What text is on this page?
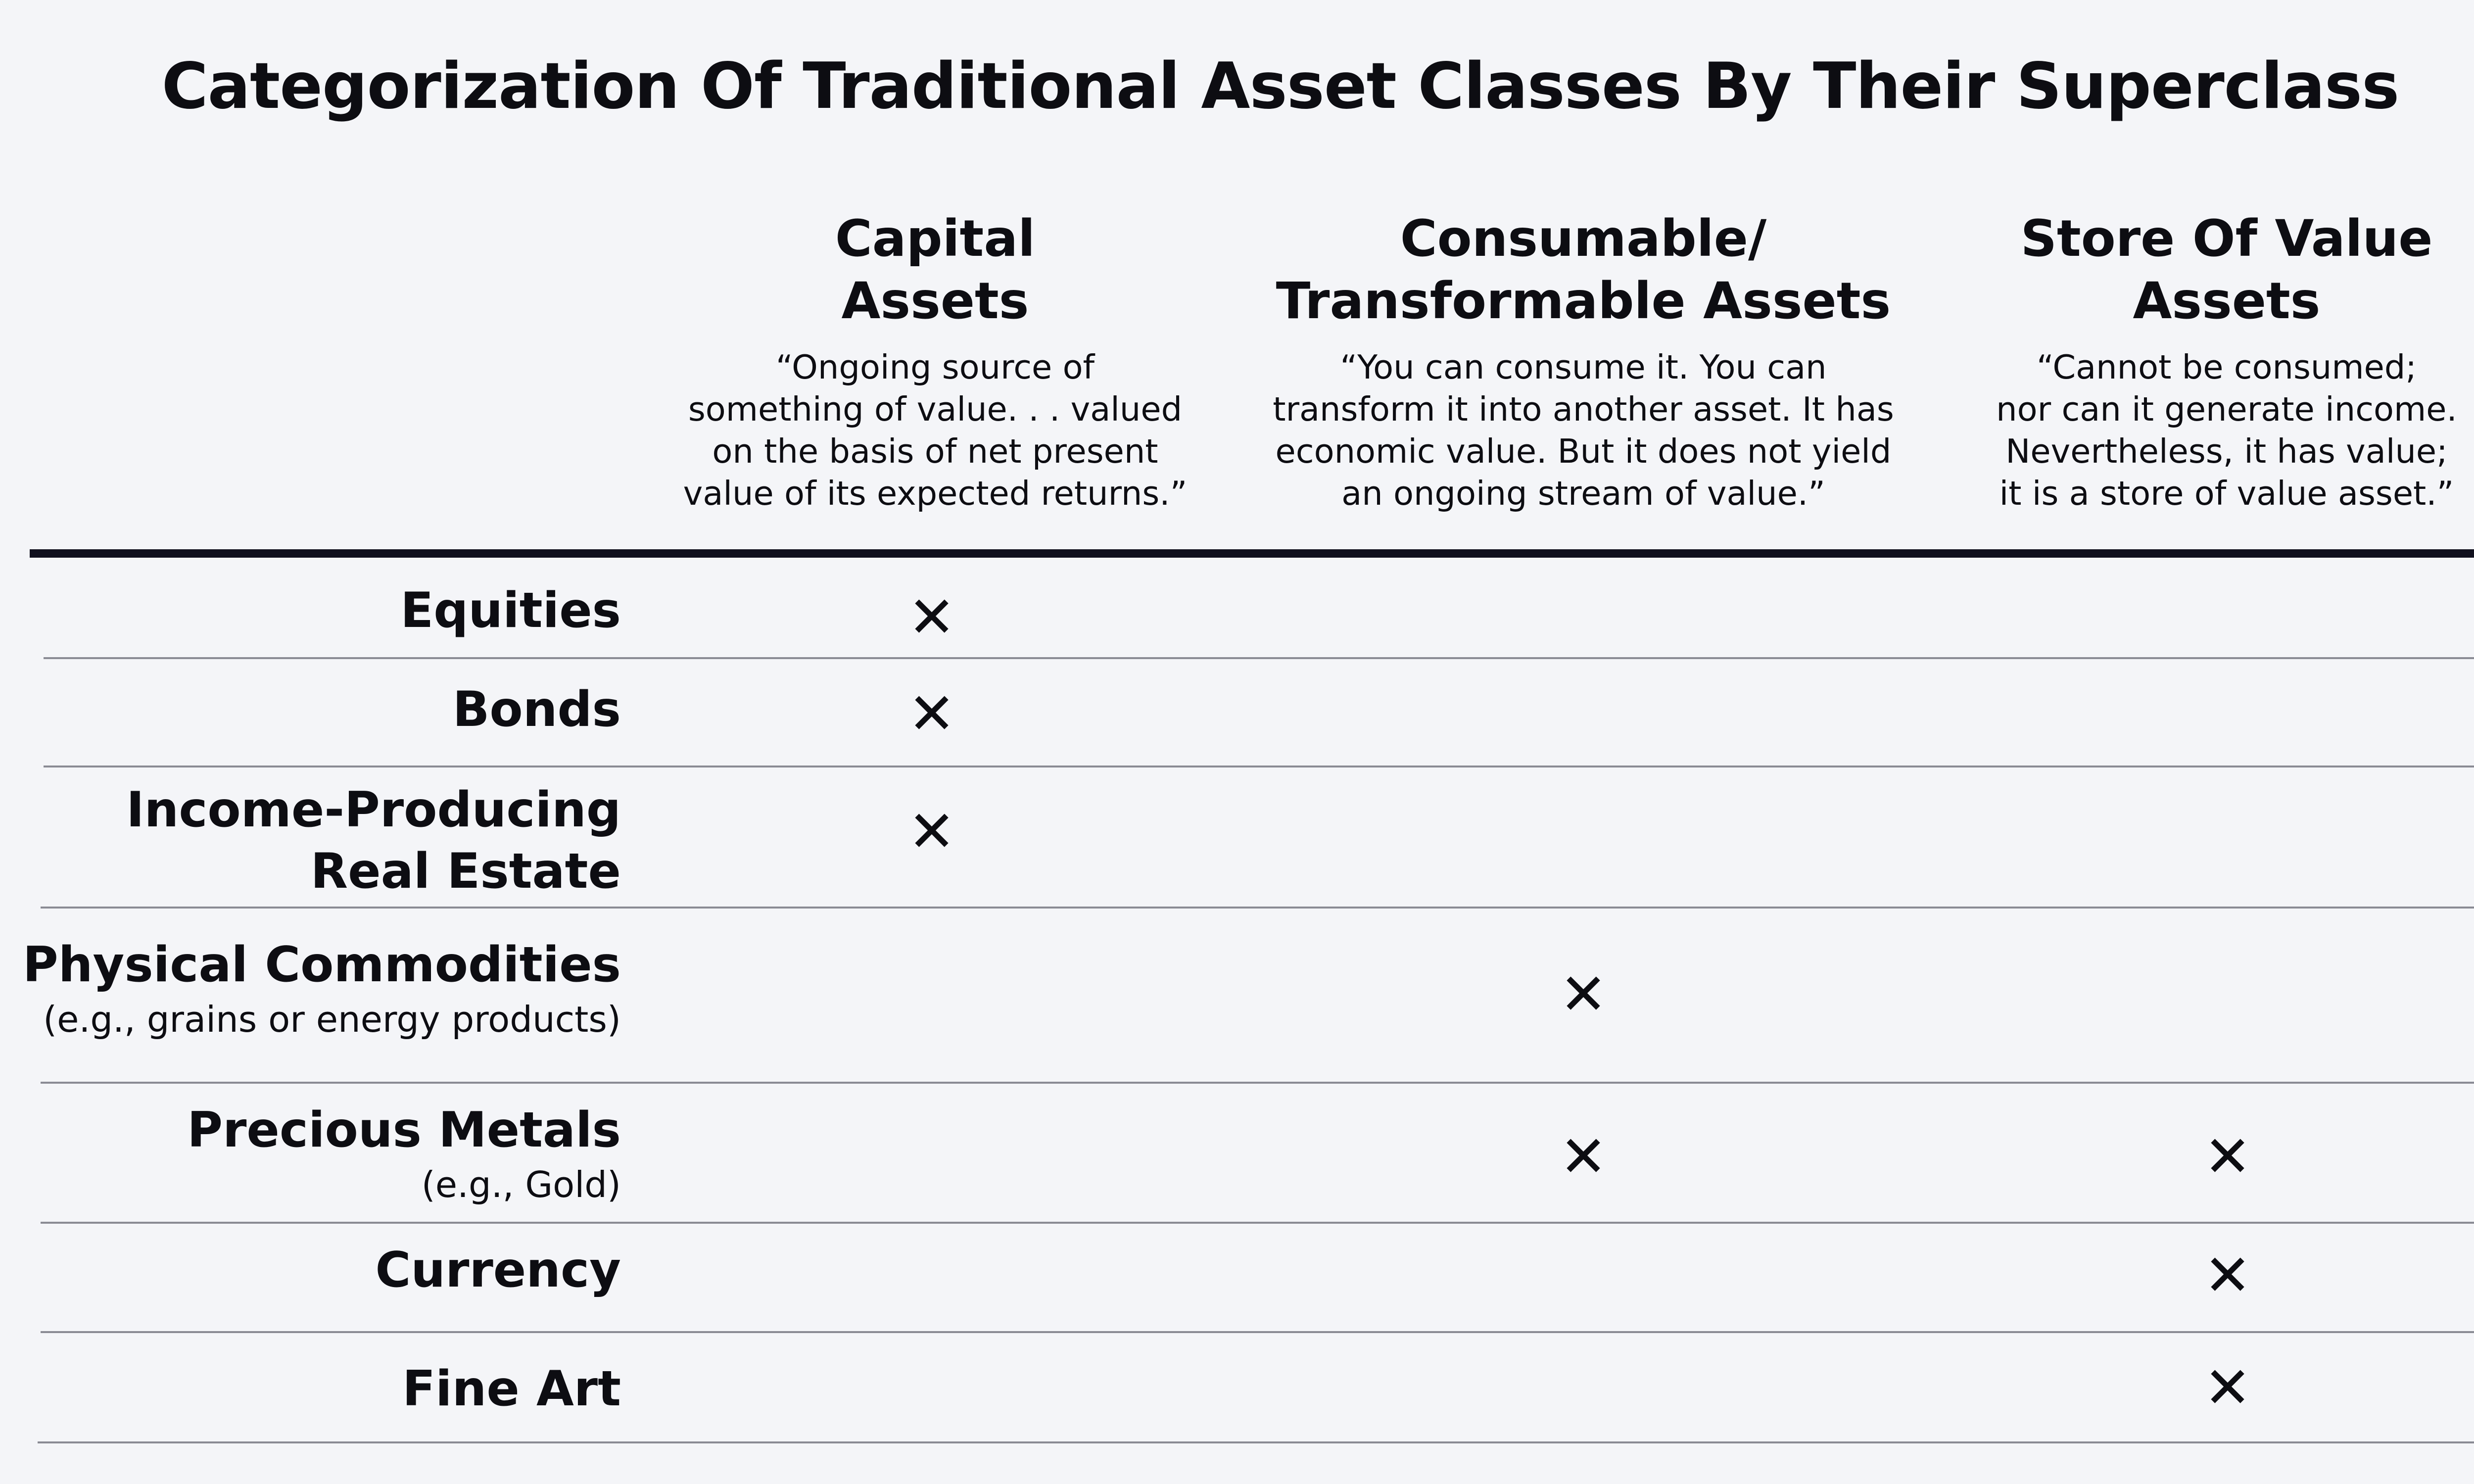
Categorization Of Traditional Asset Classes By Their Superclass
Capital
Assets
“Ongoing source of
something of value. . . valued
on the basis of net present
value of its expected returns.”
Consumable/
Transformable Assets
“You can consume it. You can
transform it into another asset. It has
economic value. But it does not yield
an ongoing stream of value.”
Store Of Value
Assets
“Cannot be consumed;
nor can it generate income.
Nevertheless, it has value;
it is a store of value asset.”
Equities
Bonds
Income-Producing
Real Estate
Physical Commodities
(e.g., grains or energy products)
Precious Metals
(e.g., Gold)
Currency
Fine Art
✕
✕
✕
✕
✕	✕
✕
✕
